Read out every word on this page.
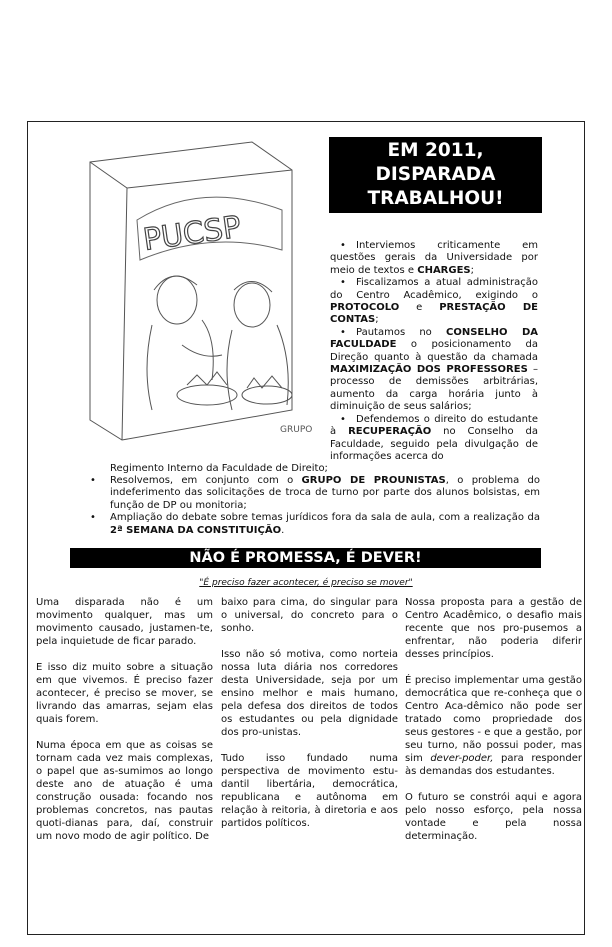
PUCSP
GRUPO
EM 2011,
DISPARADA
TRABALHOU!

• Interviemos criticamente em questões gerais da Universidade por meio de textos e CHARGES;

• Fiscalizamos a atual administração do Centro Acadêmico, exigindo o PROTOCOLO e PRESTAÇÃO DE CONTAS;

• Pautamos no CONSELHO DA FACULDADE o posicionamento da Direção quanto à questão da chamada MAXIMIZAÇÃO DOS PROFESSORES – processo de demissões arbitrárias, aumento da carga horária junto à diminuição de seus salários;

• Defendemos o direito do estudante à RECUPERAÇÃO no Conselho da Faculdade, seguido pela divulgação de informações acerca do

Regimento Interno da Faculdade de Direito;
• Resolvemos, em conjunto com o GRUPO DE PROUNISTAS, o problema do indeferimento das solicitações de troca de turno por parte dos alunos bolsistas, em função de DP ou monitoria;
• Ampliação do debate sobre temas jurídicos fora da sala de aula, com a realização da 2ª SEMANA DA CONSTITUIÇÃO.
NÃO É PROMESSA, É DEVER!
"É preciso fazer acontecer, é preciso se mover"

Uma disparada não é um movimento qualquer, mas um movimento causado, justamen-te, pela inquietude de ficar parado.

E isso diz muito sobre a situação em que vivemos. É preciso fazer acontecer, é preciso se mover, se livrando das amarras, sejam elas quais forem.

Numa época em que as coisas se tornam cada vez mais complexas, o papel que as-sumimos ao longo deste ano de atuação é uma construção ousada: focando nos problemas concretos, nas pautas quoti-dianas para, daí, construir um novo modo de agir político. De

baixo para cima, do singular para o universal, do concreto para o sonho.

Isso não só motiva, como norteia nossa luta diária nos corredores desta Universidade, seja por um ensino melhor e mais humano, pela defesa dos direitos de todos os estudantes ou pela dignidade dos pro-unistas.

Tudo isso fundado numa perspectiva de movimento estu-dantil libertária, democrática, republicana e autônoma em relação à reitoria, à diretoria e aos partidos políticos.

Nossa proposta para a gestão de Centro Acadêmico, o desafio mais recente que nos pro-pusemos a enfrentar, não poderia diferir desses princípios.

É preciso implementar uma gestão democrática que re-conheça que o Centro Aca-dêmico não pode ser tratado como propriedade dos seus gestores - e que a gestão, por seu turno, não possui poder, mas sim dever-poder, para responder às demandas dos estudantes.

O futuro se constrói aqui e agora pelo nosso esforço, pela nossa vontade e pela nossa determinação.
